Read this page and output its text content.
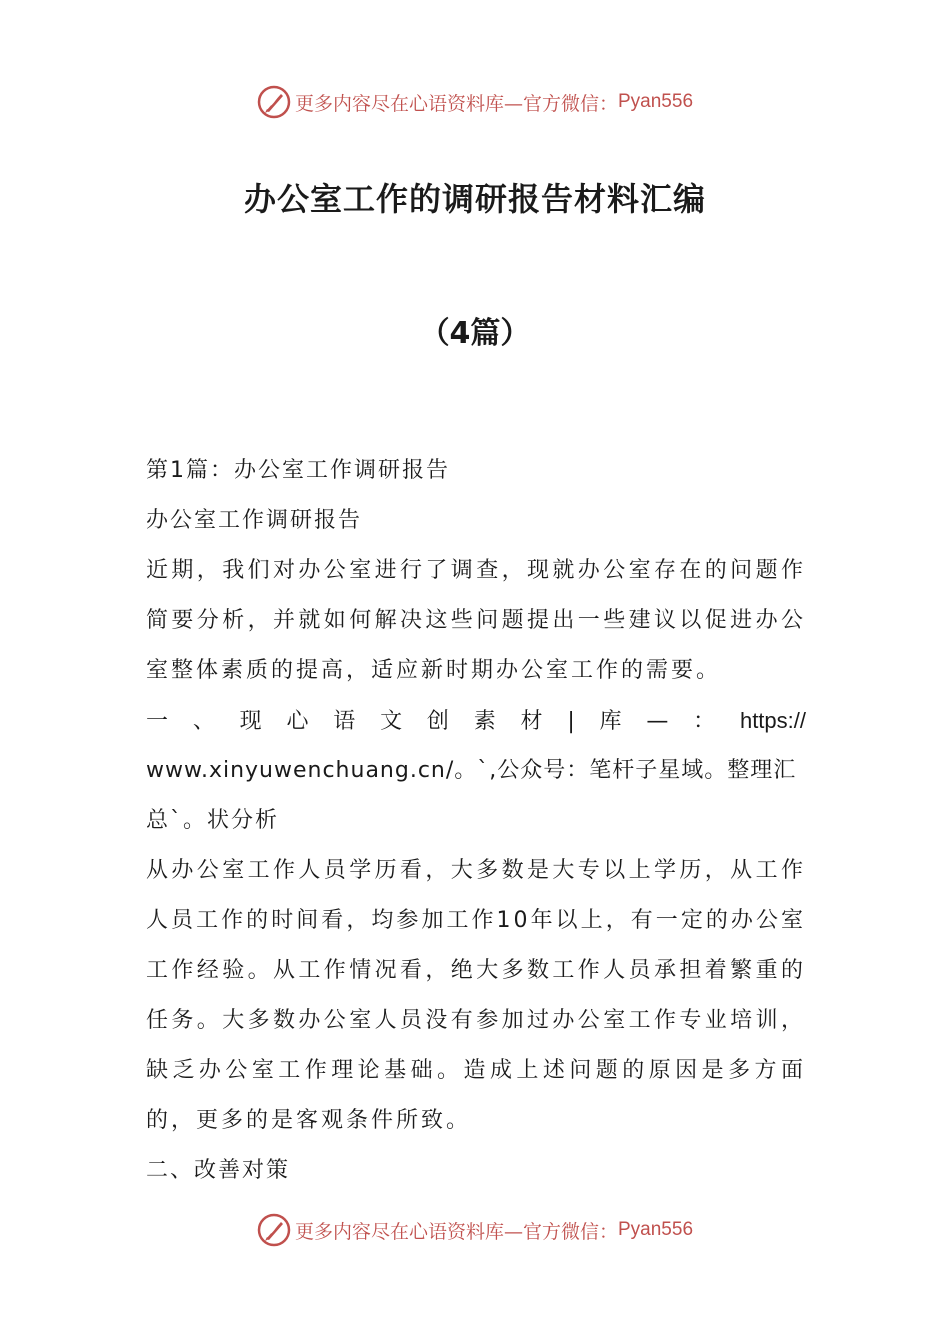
更多内容尽在心语资料库—官方微信： Pyan556
办公室工作的调研报告材料汇编
（4篇）

第1篇：办公室工作调研报告

办公室工作调研报告

近期，我们对办公室进行了调查，现就办公室存在的问题作简要分析，并就如何解决这些问题提出一些建议以促进办公室整体素质的提高，适应新时期办公室工作的需要。

一 、 现 心 语 文 创 素 材 | 库 — ： https://

www.xinyuwenchuang.cn/。`,公众号：笔杆子星域。整理汇

总`。状分析

从办公室工作人员学历看，大多数是大专以上学历，从工作人员工作的时间看，均参加工作10年以上，有一定的办公室工作经验。从工作情况看，绝大多数工作人员承担着繁重的任务。大多数办公室人员没有参加过办公室工作专业培训，缺乏办公室工作理论基础。造成上述问题的原因是多方面的，更多的是客观条件所致。

二、改善对策

更多内容尽在心语资料库—官方微信： Pyan556
